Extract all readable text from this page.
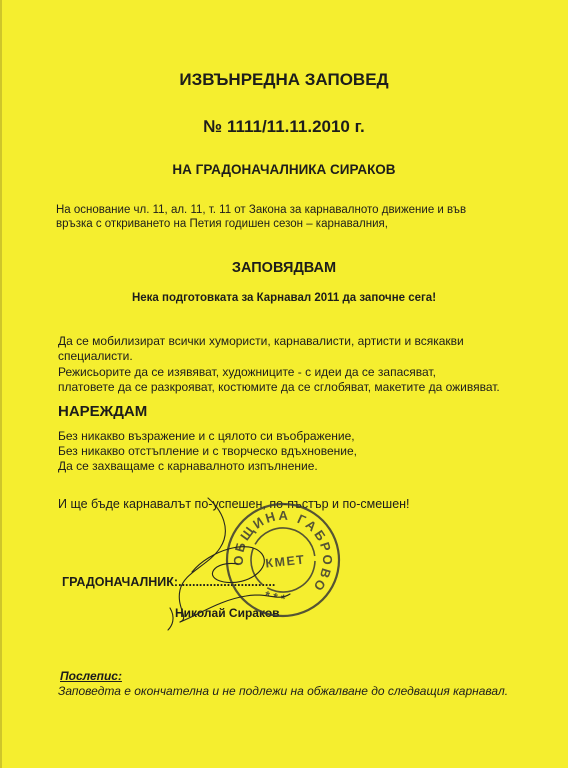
ИЗВЪНРЕДНА ЗАПОВЕД
№ 1111/11.11.2010 г.
НА ГРАДОНАЧАЛНИКА СИРАКОВ
На основание чл. 11, ал. 11, т. 11 от Закона за карнавалното движение и във
връзка с откриването на Петия годишен сезон – карнавалния,
ЗАПОВЯДВАМ
Нека подготовката за Карнавал 2011 да започне сега!
Да се мобилизират всички хумористи, карнавалисти, артисти и всякакви
специалисти.
Режисьорите да се изявяват, художниците - с идеи да се запасяват,
платовете да се разкрояват, костюмите да се сглобяват, макетите да оживяват.
НАРЕЖДАМ
Без никакво възражение и с цялото си въображение,
Без никакво отстъпление и с творческо вдъхновение,
Да се захващаме с карнавалното изпълнение.
И ще бъде карнавалът по-успешен, по-пъстър и по-смешен!
ГРАДОНАЧАЛНИК:............................
Николай Сираков
ОБЩИНА ГАБРОВО
КМЕТ
* * *
Послепис:
Заповедта е окончателна и не подлежи на обжалване до следващия карнавал.
